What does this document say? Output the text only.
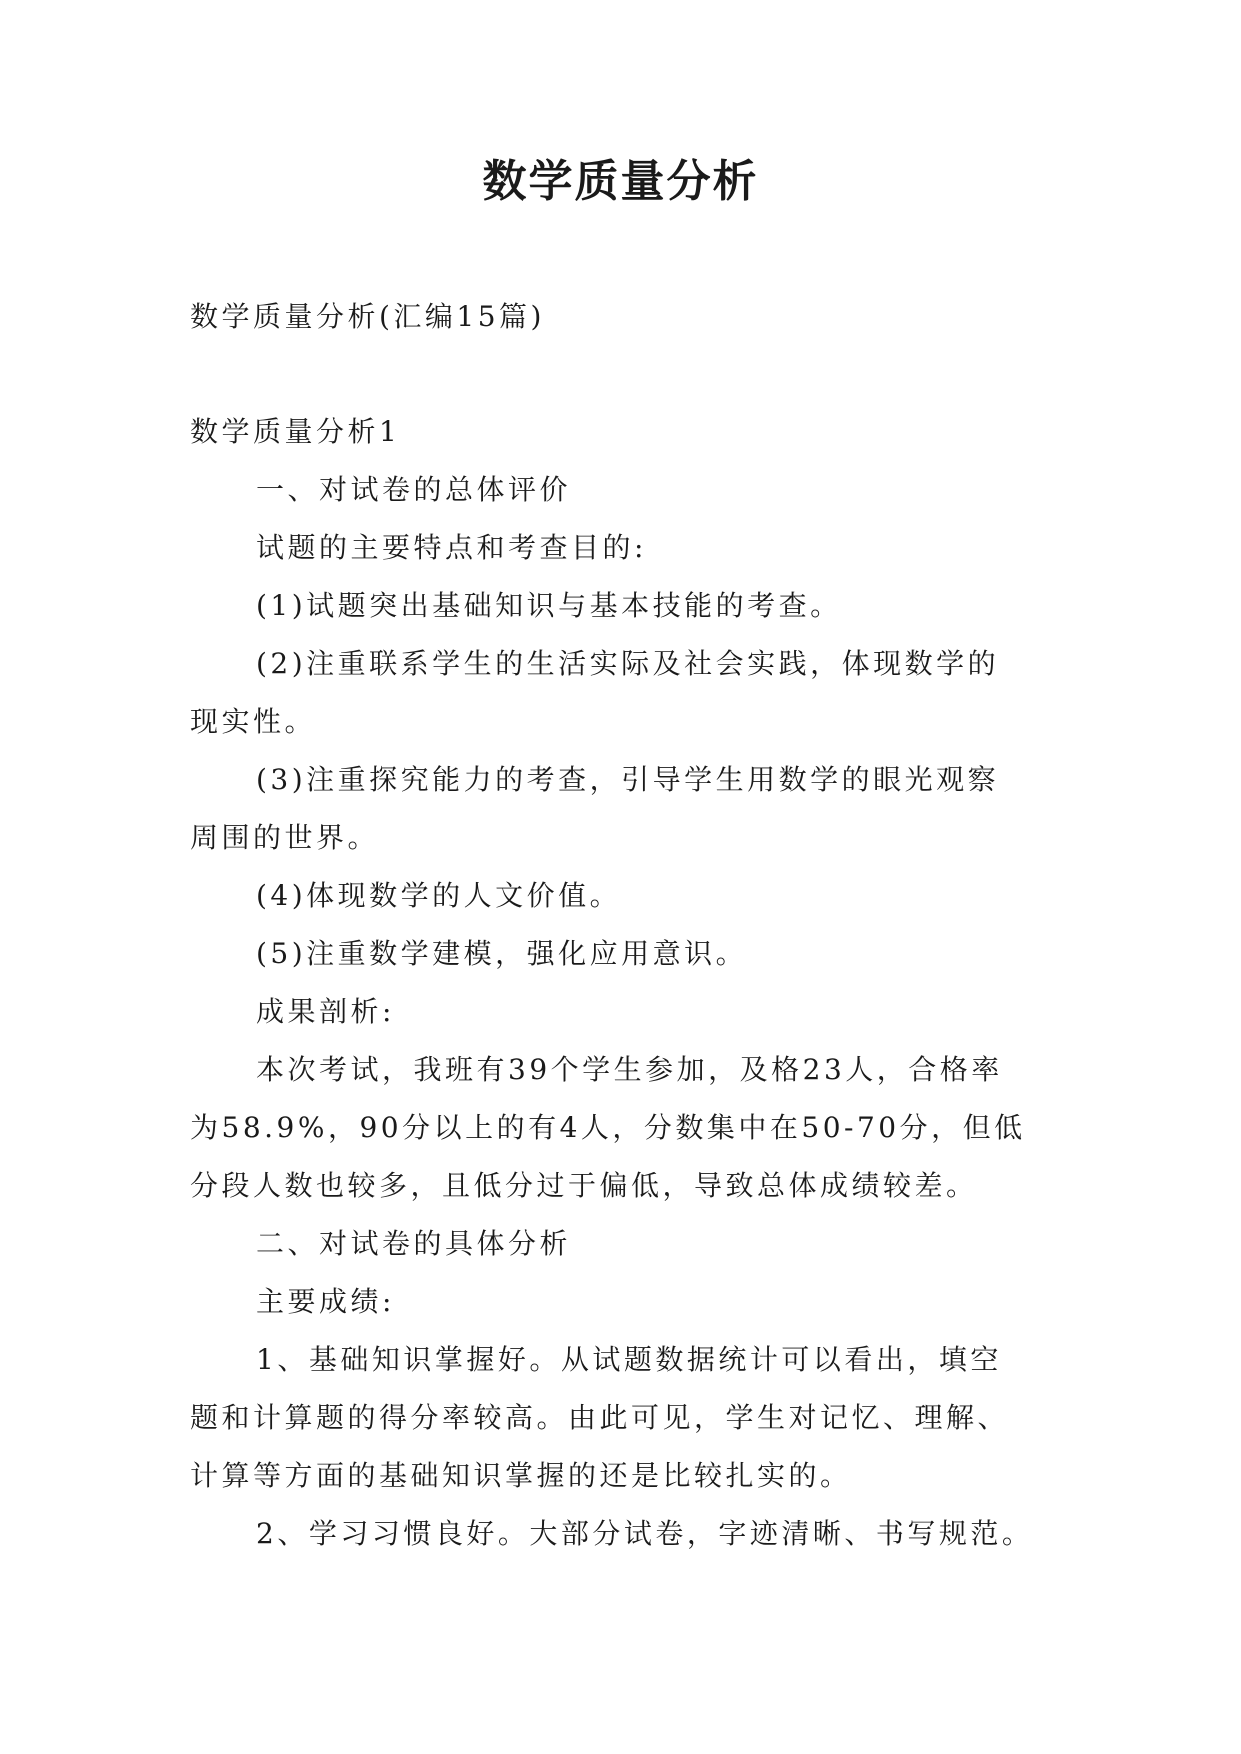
数学质量分析
数学质量分析(汇编15篇)
数学质量分析1
一、对试卷的总体评价
试题的主要特点和考查目的:
(1)试题突出基础知识与基本技能的考查。
(2)注重联系学生的生活实际及社会实践，体现数学的
现实性。
(3)注重探究能力的考查，引导学生用数学的眼光观察
周围的世界。
(4)体现数学的人文价值。
(5)注重数学建模，强化应用意识。
成果剖析:
本次考试，我班有39个学生参加，及格23人，合格率
为58.9%，90分以上的有4人，分数集中在50-70分，但低
分段人数也较多，且低分过于偏低，导致总体成绩较差。
二、对试卷的具体分析
主要成绩:
1、基础知识掌握好。从试题数据统计可以看出，填空
题和计算题的得分率较高。由此可见，学生对记忆、理解、
计算等方面的基础知识掌握的还是比较扎实的。
2、学习习惯良好。大部分试卷，字迹清晰、书写规范。
